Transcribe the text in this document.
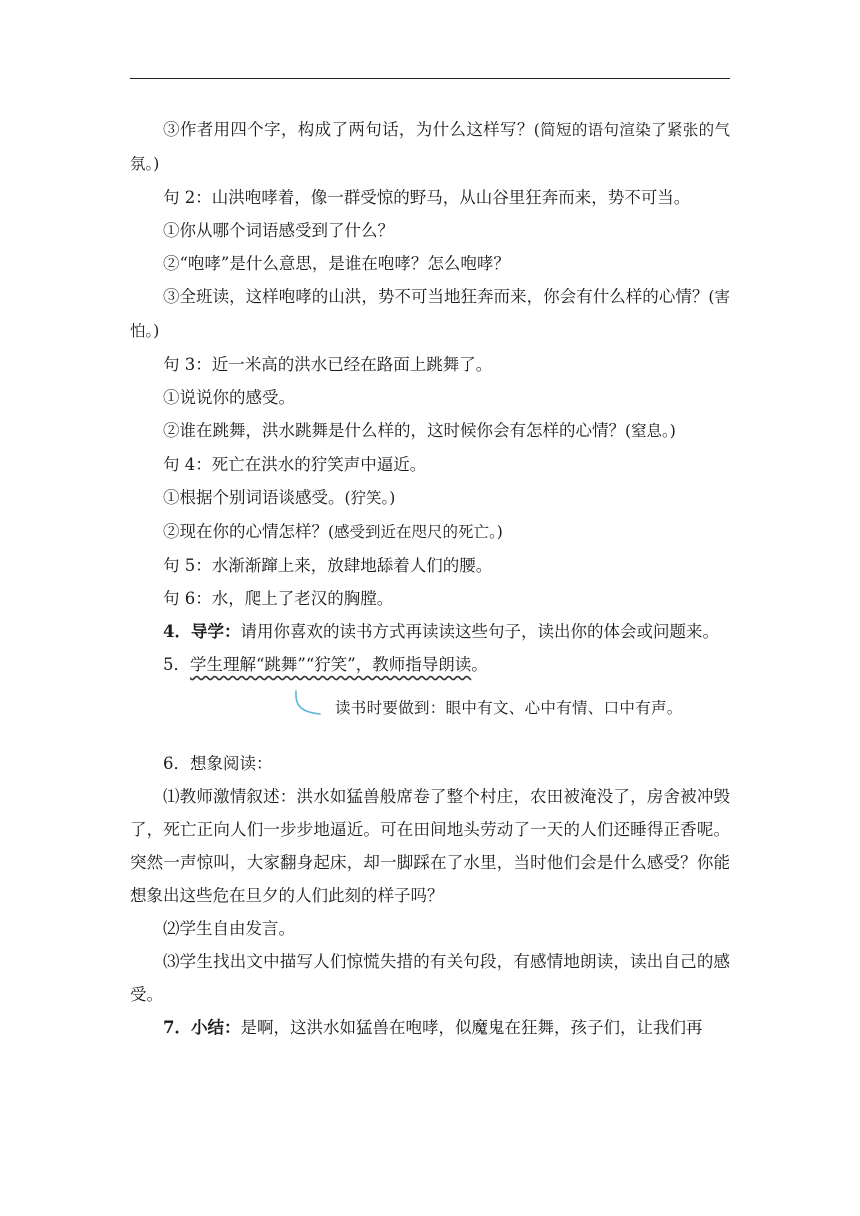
③作者用四个字，构成了两句话，为什么这样写？(简短的语句渲染了紧张的气氛。)

句 2：山洪咆哮着，像一群受惊的野马，从山谷里狂奔而来，势不可当。

①你从哪个词语感受到了什么？

②“咆哮”是什么意思，是谁在咆哮？怎么咆哮？

③全班读，这样咆哮的山洪，势不可当地狂奔而来，你会有什么样的心情？(害怕。)

句 3：近一米高的洪水已经在路面上跳舞了。

①说说你的感受。

②谁在跳舞，洪水跳舞是什么样的，这时候你会有怎样的心情？(窒息。)

句 4：死亡在洪水的狞笑声中逼近。

①根据个别词语谈感受。(狞笑。)

②现在你的心情怎样？(感受到近在咫尺的死亡。)

句 5：水渐渐蹿上来，放肆地舔着人们的腰。

句 6：水，爬上了老汉的胸膛。

4．导学：请用你喜欢的读书方式再读读这些句子，读出你的体会或问题来。

5．学生理解“跳舞”“狞笑”，教师指导朗读。

读书时要做到：眼中有文、心中有情、口中有声。

6．想象阅读：

⑴教师激情叙述：洪水如猛兽般席卷了整个村庄，农田被淹没了，房舍被冲毁了，死亡正向人们一步步地逼近。可在田间地头劳动了一天的人们还睡得正香呢。突然一声惊叫，大家翻身起床，却一脚踩在了水里，当时他们会是什么感受？你能想象出这些危在旦夕的人们此刻的样子吗？

⑵学生自由发言。

⑶学生找出文中描写人们惊慌失措的有关句段，有感情地朗读，读出自己的感受。

7．小结：是啊，这洪水如猛兽在咆哮，似魔鬼在狂舞，孩子们，让我们再
